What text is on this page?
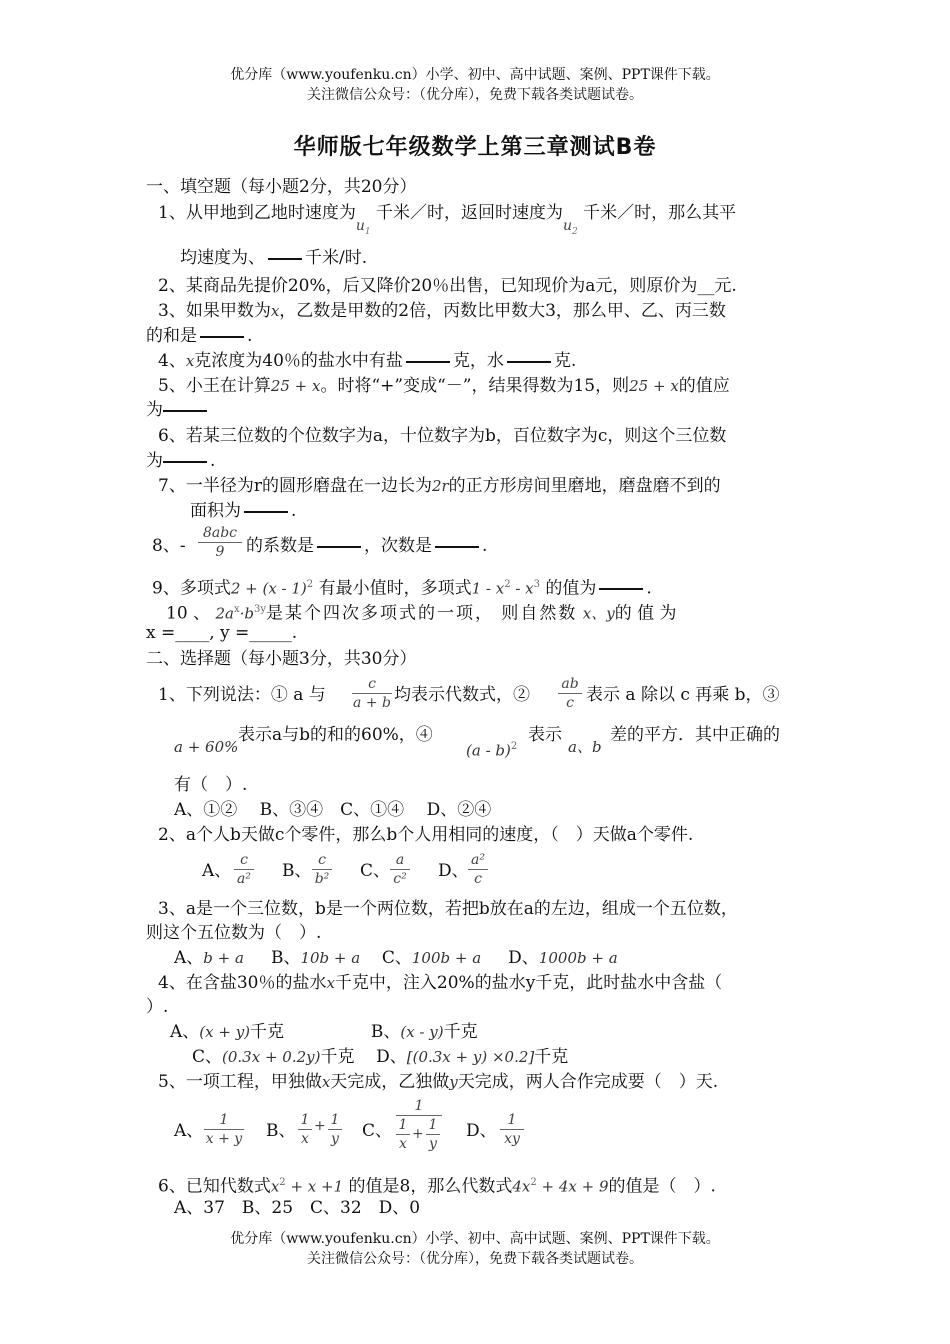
优分库（www.youfenku.cn）小学、初中、高中试题、案例、PPT课件下载。
关注微信公众号：（优分库），免费下载各类试题试卷。
华师版七年级数学上第三章测试B卷
一、填空题（每小题2分，共20分）
1、从甲地到乙地时速度为$_{u_1}$ 千米／时，返回时速度为$_{u_2}$ 千米／时，那么其平
均速度为、 千米/时.
2、某商品先提价20%，后又降价20％出售，已知现价为a元，则原价为__元.
3、如果甲数为x，乙数是甲数的2倍，丙数比甲数大3，那么甲、乙、丙三数
的和是	.
4、x克浓度为40％的盐水中有盐	克，水	克.
5、小王在计算25 + x。时将“+”变成“－”，结果得数为15，则25 + x的值应
为
6、若某三位数的个位数字为a，十位数字为b，百位数字为c，则这个三位数
为	.
7、一半径为r的圆形磨盘在一边长为2r的正方形房间里磨地，磨盘磨不到的
面积为	.
8、-
8abc
9	的系数是	，次数是	.
9、多项式2 + (x - 1)$^2$ 有最小值时，多项式$1 - x^2 - x^3$ 的值为	.
10 、 $2a^x\cdot b^{3y}$是某个四次多项式的一项， 则自然数 x、y的 值 为
x =____, y =_____.
二、选择题（每小题3分，共30分）
1、下列说法：① a 与
c
a + b 均表示代数式，②
ab
c 表示 a 除以 c 再乘 b，③
a + 60%
表示a与b的和的60%，④
(a - b)$^2$
表示
a、b
差的平方．其中正确的
有（　）.
A、①②　 B、③④　C、①④　 D、②④
2、a个人b天做c个零件，那么b个人用相同的速度，（　）天做a个零件.
A、
c
a² B、
c
b² C、
a
c² D、
a²
c
3、a是一个三位数，b是一个两位数，若把b放在a的左边，组成一个五位数，
则这个五位数为（　）.
A、b + a B、10b + a C、100b + a D、1000b + a
4、在含盐30％的盐水x千克中，注入20%的盐水y千克，此时盐水中含盐（
）.
A、(x + y)千克	B、(x - y)千克
C、(0.3x + 0.2y)千克 D、[(0.3x + y) ×0.2]千克
5、一项工程，甲独做x天完成，乙独做y天完成，两人合作完成要（　）天.
A、
1
x + y B、
1
x
+ 1
y C、
1
1
x
+
1
y
D、
1
xy
6、已知代数式$x^2 + x +1$ 的值是8，那么代数式$4x^2 + 4x + 9$的值是（　）.
A、37　B、25　C、32　D、0
优分库（www.youfenku.cn）小学、初中、高中试题、案例、PPT课件下载。
关注微信公众号：（优分库），免费下载各类试题试卷。
